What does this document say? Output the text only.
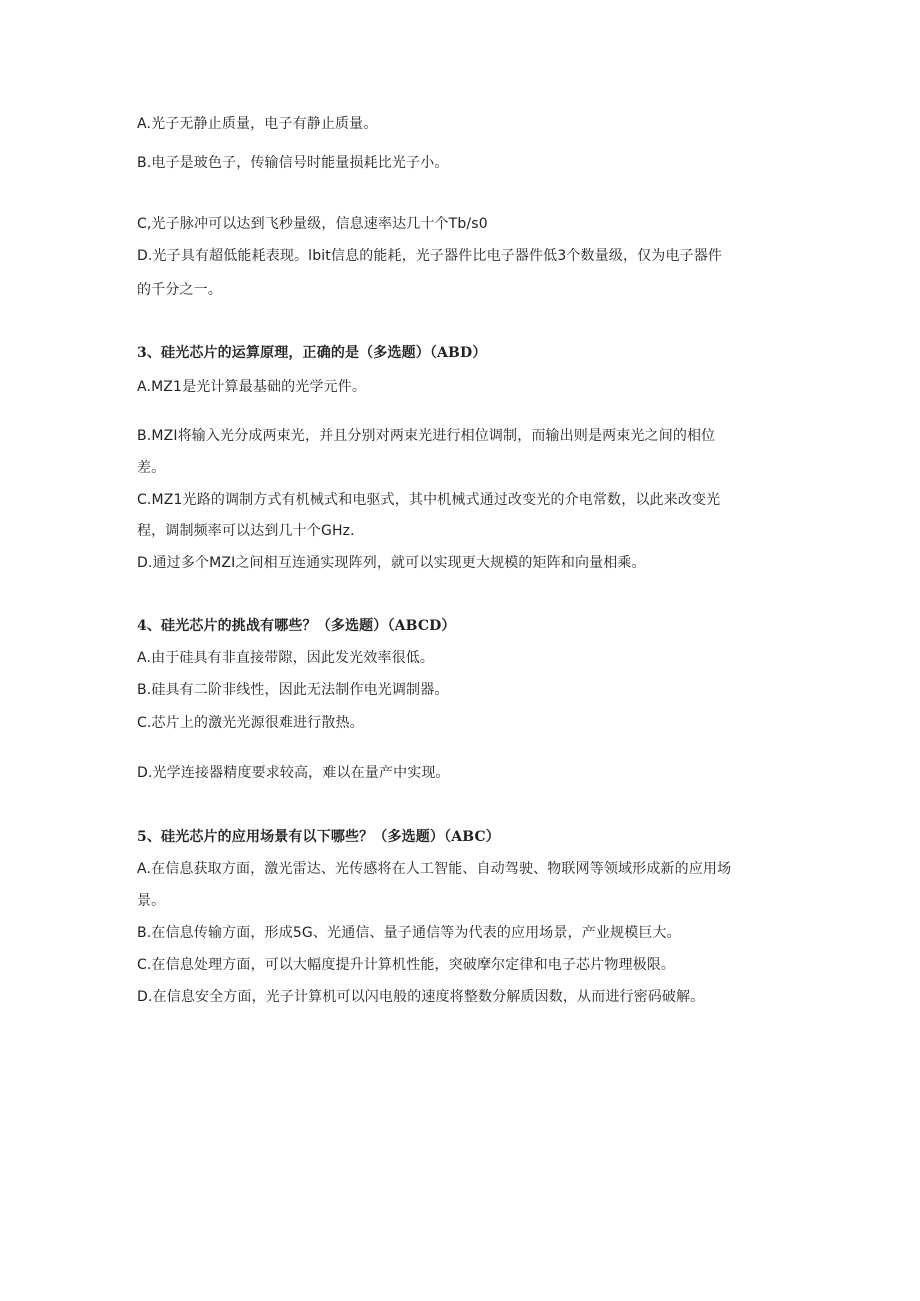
A.光子无静止质量，电子有静止质量。
B.电子是玻色子，传输信号时能量损耗比光子小。
C,光子脉冲可以达到飞秒量级，信息速率达几十个Tb/s0
D.光子具有超低能耗表现。lbit信息的能耗，光子器件比电子器件低3个数量级，仅为电子器件
的千分之一。
3、硅光芯片的运算原理，正确的是（多选题）（ABD）
A.MZ1是光计算最基础的光学元件。
B.MZI将输入光分成两束光，并且分别对两束光进行相位调制，而输出则是两束光之间的相位
差。
C.MZ1光路的调制方式有机械式和电驱式，其中机械式通过改变光的介电常数，以此来改变光
程，调制频率可以达到几十个GHz.
D.通过多个MZI之间相互连通实现阵列，就可以实现更大规模的矩阵和向量相乘。
4、硅光芯片的挑战有哪些？（多选题）（ABCD）
A.由于硅具有非直接带隙，因此发光效率很低。
B.硅具有二阶非线性，因此无法制作电光调制器。
C.芯片上的激光光源很难进行散热。
D.光学连接器精度要求较高，难以在量产中实现。
5、硅光芯片的应用场景有以下哪些？（多选题）（ABC）
A.在信息获取方面，激光雷达、光传感将在人工智能、自动驾驶、物联网等领域形成新的应用场
景。
B.在信息传输方面，形成5G、光通信、量子通信等为代表的应用场景，产业规模巨大。
C.在信息处理方面，可以大幅度提升计算机性能，突破摩尔定律和电子芯片物理极限。
D.在信息安全方面，光子计算机可以闪电般的速度将整数分解质因数，从而进行密码破解。
